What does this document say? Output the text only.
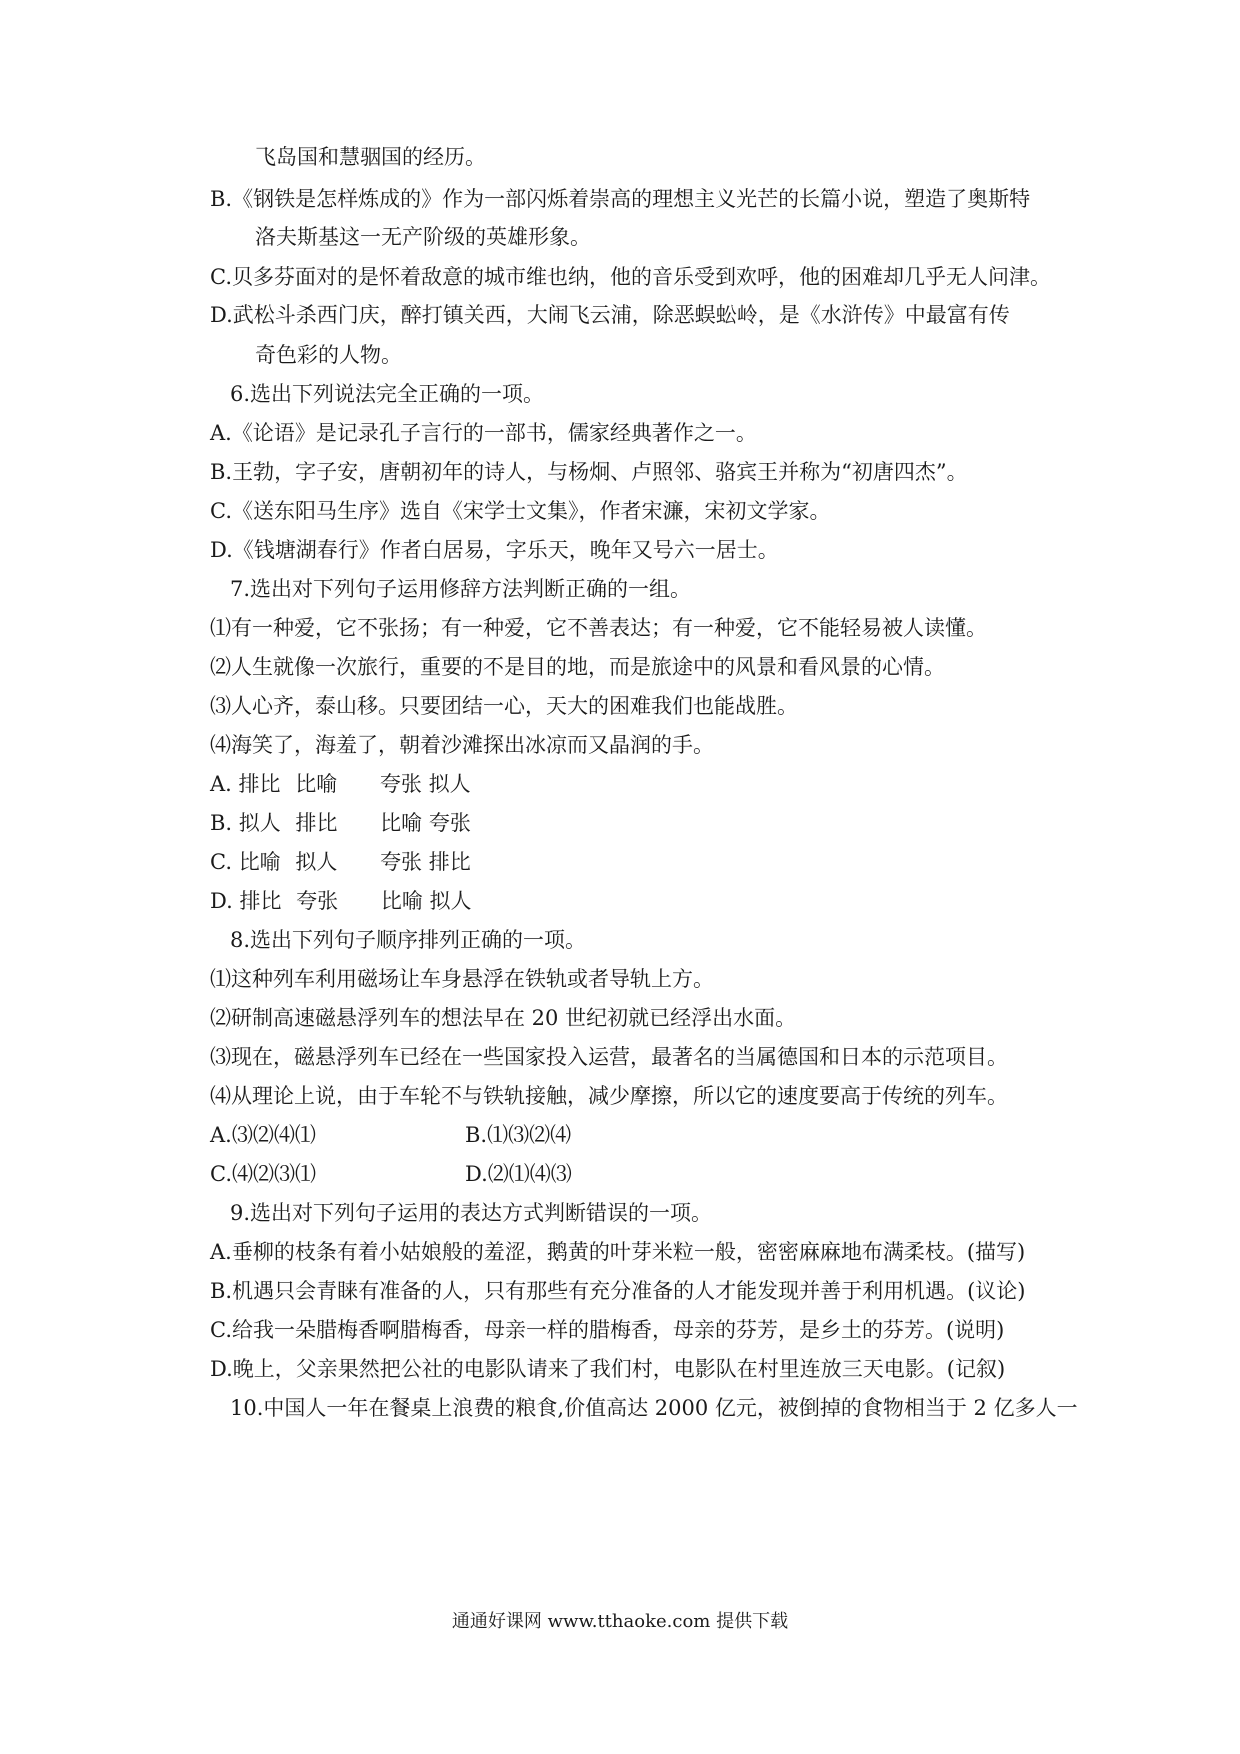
飞岛国和慧骃国的经历。
B.《钢铁是怎样炼成的》作为一部闪烁着崇高的理想主义光芒的长篇小说，塑造了奥斯特
洛夫斯基这一无产阶级的英雄形象。
C.贝多芬面对的是怀着敌意的城市维也纳，他的音乐受到欢呼，他的困难却几乎无人问津。
D.武松斗杀西门庆，醉打镇关西，大闹飞云浦，除恶蜈蚣岭，是《水浒传》中最富有传
奇色彩的人物。
6.选出下列说法完全正确的一项。
A.《论语》是记录孔子言行的一部书，儒家经典著作之一。
B.王勃，字子安，唐朝初年的诗人，与杨炯、卢照邻、骆宾王并称为“初唐四杰”。
C.《送东阳马生序》选自《宋学士文集》，作者宋濂，宋初文学家。
D.《钱塘湖春行》作者白居易，字乐天，晚年又号六一居士。
7.选出对下列句子运用修辞方法判断正确的一组。
⑴有一种爱，它不张扬；有一种爱，它不善表达；有一种爱，它不能轻易被人读懂。
⑵人生就像一次旅行，重要的不是目的地，而是旅途中的风景和看风景的心情。
⑶人心齐，泰山移。只要团结一心，天大的困难我们也能战胜。
⑷海笑了，海羞了，朝着沙滩探出冰凉而又晶润的手。
A. 排比 比喻 夸张 拟人
B. 拟人 排比 比喻 夸张
C. 比喻 拟人 夸张 排比
D. 排比 夸张 比喻 拟人
8.选出下列句子顺序排列正确的一项。
⑴这种列车利用磁场让车身悬浮在铁轨或者导轨上方。
⑵研制高速磁悬浮列车的想法早在 20 世纪初就已经浮出水面。
⑶现在，磁悬浮列车已经在一些国家投入运营，最著名的当属德国和日本的示范项目。
⑷从理论上说，由于车轮不与铁轨接触，减少摩擦，所以它的速度要高于传统的列车。
A.⑶⑵⑷⑴	B.⑴⑶⑵⑷
C.⑷⑵⑶⑴	D.⑵⑴⑷⑶
9.选出对下列句子运用的表达方式判断错误的一项。
A.垂柳的枝条有着小姑娘般的羞涩，鹅黄的叶芽米粒一般，密密麻麻地布满柔枝。(描写)
B.机遇只会青睐有准备的人，只有那些有充分准备的人才能发现并善于利用机遇。(议论)
C.给我一朵腊梅香啊腊梅香，母亲一样的腊梅香，母亲的芬芳，是乡土的芬芳。(说明)
D.晚上，父亲果然把公社的电影队请来了我们村，电影队在村里连放三天电影。(记叙)
10.中国人一年在餐桌上浪费的粮食,价值高达 2000 亿元，被倒掉的食物相当于 2 亿多人一
通通好课网 www.tthaoke.com 提供下载
